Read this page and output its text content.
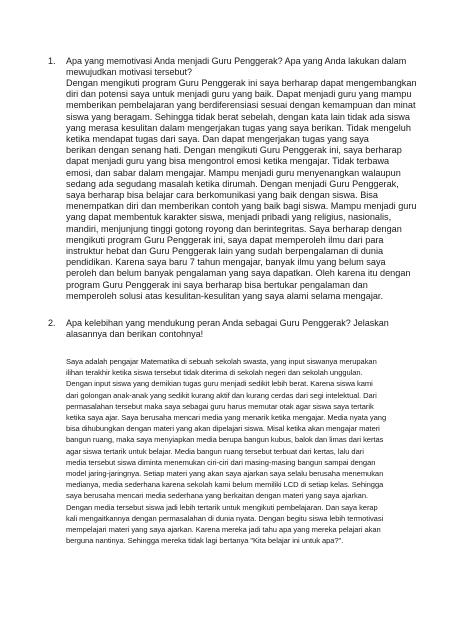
1. Apa yang memotivasi Anda menjadi Guru Penggerak? Apa yang Anda lakukan dalam
mewujudkan motivasi tersebut?
Dengan mengikuti program Guru Penggerak ini saya berharap dapat mengembangkan
diri dan potensi saya untuk menjadi guru yang baik. Dapat menjadi guru yang mampu
memberikan pembelajaran yang berdiferensiasi sesuai dengan kemampuan dan minat
siswa yang beragam. Sehingga tidak berat sebelah, dengan kata lain tidak ada siswa
yang merasa kesulitan dalam mengerjakan tugas yang saya berikan. Tidak mengeluh
ketika mendapat tugas dari saya. Dan dapat mengerjakan tugas yang saya
berikan dengan senang hati. Dengan mengikuti Guru Penggerak ini, saya berharap
dapat menjadi guru yang bisa mengontrol emosi ketika mengajar. Tidak terbawa
emosi, dan sabar dalam mengajar. Mampu menjadi guru menyenangkan walaupun
sedang ada segudang masalah ketika dirumah. Dengan menjadi Guru Penggerak,
saya berharap bisa belajar cara berkomunikasi yang baik dengan siswa. Bisa
menempatkan diri dan memberikan contoh yang baik bagi siswa. Mampu menjadi guru
yang dapat membentuk karakter siswa, menjadi pribadi yang religius, nasionalis,
mandiri, menjunjung tinggi gotong royong dan berintegritas. Saya berharap dengan
mengikuti program Guru Penggerak ini, saya dapat memperoleh ilmu dari para
instruktur hebat dan Guru Penggerak lain yang sudah berpengalaman di dunia
pendidikan. Karena saya baru 7 tahun mengajar, banyak ilmu yang belum saya
peroleh dan belum banyak pengalaman yang saya dapatkan. Oleh karena itu dengan
program Guru Penggerak ini saya berharap bisa bertukar pengalaman dan
memperoleh solusi atas kesulitan-kesulitan yang saya alami selama mengajar.
2. Apa kelebihan yang mendukung peran Anda sebagai Guru Penggerak? Jelaskan
alasannya dan berikan contohnya!
Saya adalah pengajar Matematika di sebuah sekolah swasta, yang input siswanya merupakan
ilihan terakhir ketika siswa tersebut tidak diterima di sekolah negeri dan sekolah unggulan.
Dengan input siswa yang demikian tugas guru menjadi sedikit lebih berat. Karena siswa kami
dari golongan anak-anak yang sedikit kurang aktif dan kurang cerdas dari segi intelektual. Dari
permasalahan tersebut maka saya sebagai guru harus memutar otak agar siswa saya tertarik
ketika saya ajar. Saya berusaha mencari media yang menarik ketika mengajar. Media nyata yang
bisa dihubungkan dengan materi yang akan dipelajari siswa. Misal ketika akan mengajar materi
bangun ruang, maka saya menyiapkan media berupa bangun kubus, balok dan limas dari kertas
agar siswa tertarik untuk belajar. Media bangun ruang tersebut terbuat dari kertas, lalu dari
media tersebut siswa diminta menemukan ciri-ciri dari masing-masing bangun sampai dengan
model jaring-jaringnya. Setiap materi yang akan saya ajarkan saya selalu berusaha menemukan
medianya, media sederhana karena sekolah kami belum memiliki LCD di setiap kelas. Sehingga
saya berusaha mencari media sederhana yang berkaitan dengan materi yang saya ajarkan.
Dengan media tersebut siswa jadi lebih tertarik untuk mengikuti pembelajaran. Dan saya kerap
kali mengaitkannya dengan permasalahan di dunia nyata. Dengan begitu siswa lebih termotivasi
mempelajari materi yang saya ajarkan. Karena mereka jadi tahu apa yang mereka pelajari akan
berguna nantinya. Sehingga mereka tidak lagi bertanya "Kita belajar ini untuk apa?".
